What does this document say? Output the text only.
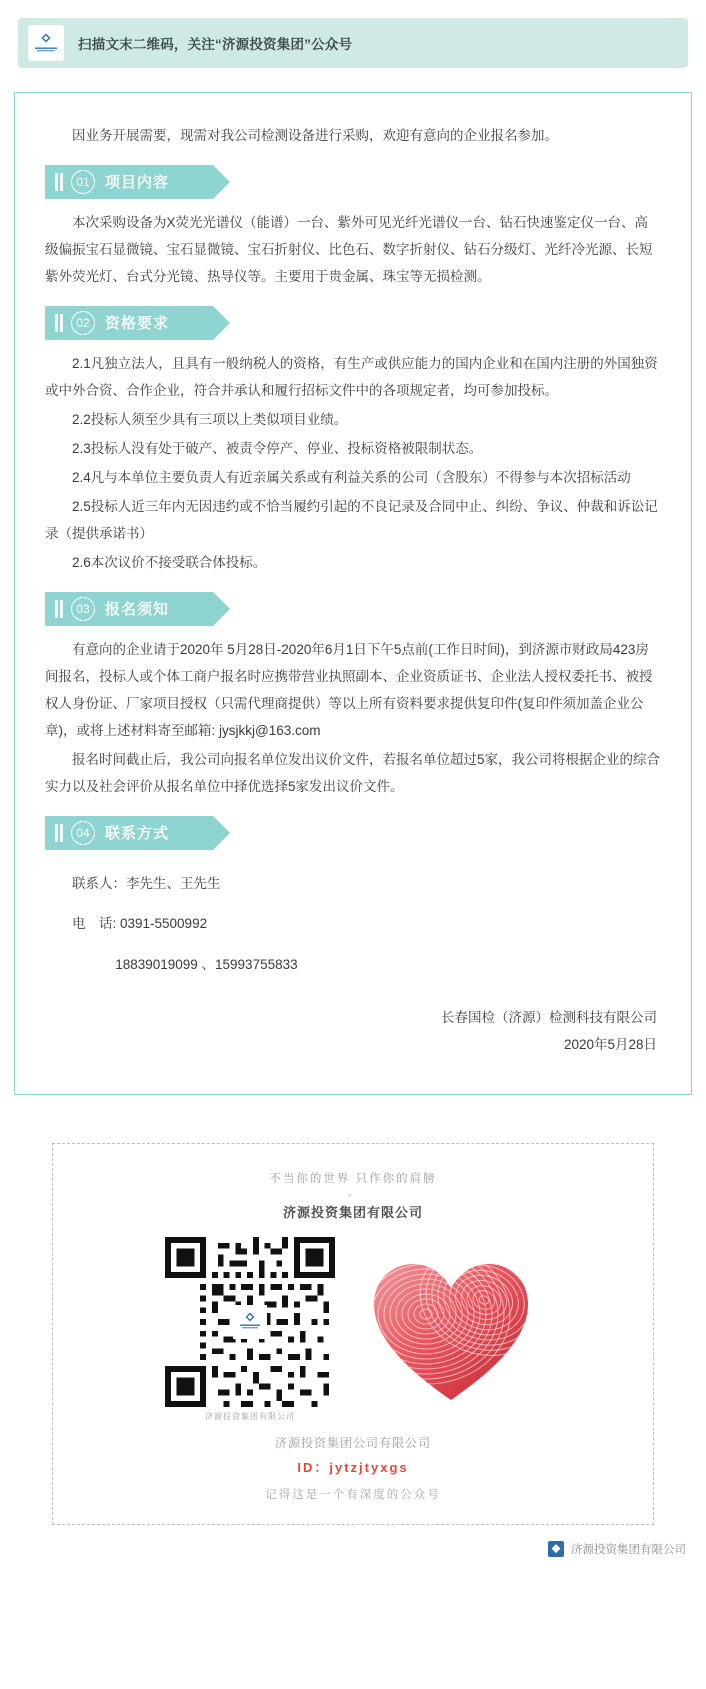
扫描文末二维码，关注“济源投资集团”公众号

因业务开展需要，现需对我公司检测设备进行采购，欢迎有意向的企业报名参加。

01	项目内容

本次采购设备为X荧光光谱仪（能谱）一台、紫外可见光纤光谱仪一台、钻石快速鉴定仪一台、高级偏振宝石显微镜、宝石显微镜、宝石折射仪、比色石、数字折射仪、钻石分级灯、光纤冷光源、长短紫外荧光灯、台式分光镜、热导仪等。主要用于贵金属、珠宝等无损检测。

02	资格要求

2.1凡独立法人，且具有一般纳税人的资格，有生产或供应能力的国内企业和在国内注册的外国独资或中外合资、合作企业，符合并承认和履行招标文件中的各项规定者，均可参加投标。

2.2投标人须至少具有三项以上类似项目业绩。

2.3投标人没有处于破产、被责令停产、停业、投标资格被限制状态。

2.4凡与本单位主要负责人有近亲属关系或有利益关系的公司（含股东）不得参与本次招标活动

2.5投标人近三年内无因违约或不恰当履约引起的不良记录及合同中止、纠纷、争议、仲裁和诉讼记录（提供承诺书）

2.6本次议价不接受联合体投标。

03	报名须知

有意向的企业请于2020年 5月28日-2020年6月1日下午5点前(工作日时间)，到济源市财政局423房间报名，投标人或个体工商户报名时应携带营业执照副本、企业资质证书、企业法人授权委托书、被授权人身份证、厂家项目授权（只需代理商提供）等以上所有资料要求提供复印件(复印件须加盖企业公章)，或将上述材料寄至邮箱: jysjkkj@163.com

报名时间截止后，我公司向报名单位发出议价文件，若报名单位超过5家，我公司将根据企业的综合实力以及社会评价从报名单位中择优选择5家发出议价文件。

04	联系方式

联系人：李先生、王先生

电　话: 0391-5500992

18839019099 、15993755833

长春国检（济源）检测科技有限公司
2020年5月28日
不当你的世界 只作你的肩膀
。
济源投资集团有限公司
济源投资集团有限公司
济源投资集团公司有限公司
ID：jytzjtyxgs
记得这是一个有深度的公众号
济源投资集团有限公司
